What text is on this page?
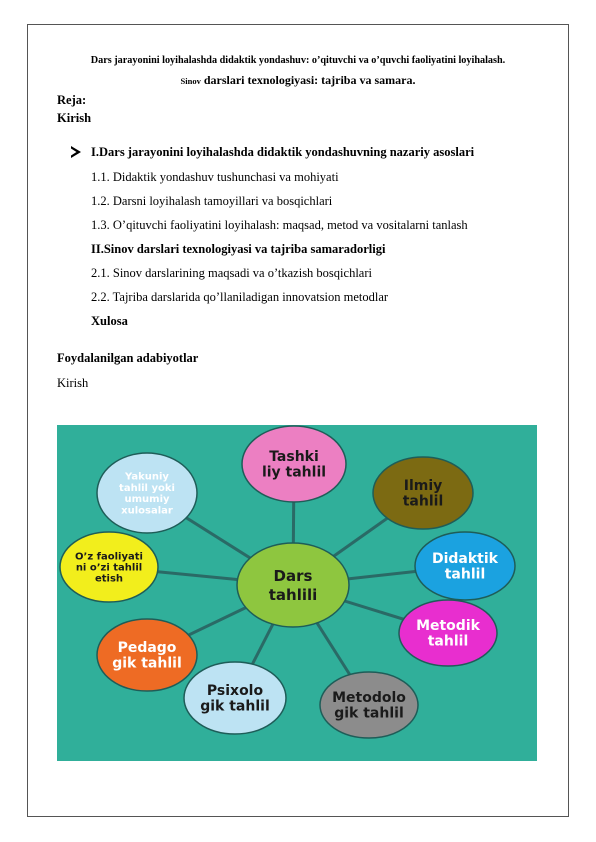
Dars jarayonini loyihalashda didaktik yondashuv: o’qituvchi va o’quvchi faoliyatini loyihalash.
Sinov darslari texnologiyasi: tajriba va samara.
Reja:
Kirish
I.Dars jarayonini loyihalashda didaktik yondashuvning nazariy asoslari
1.1. Didaktik yondashuv tushunchasi va mohiyati
1.2. Darsni loyihalash tamoyillari va bosqichlari
1.3. O’qituvchi faoliyatini loyihalash: maqsad, metod va vositalarni tanlash
II.Sinov darslari texnologiyasi va tajriba samaradorligi
2.1. Sinov darslarining maqsadi va o’tkazish bosqichlari
2.2. Tajriba darslarida qo’llaniladigan innovatsion metodlar
Xulosa
Foydalanilgan adabiyotlar
Kirish
Tashki
liy tahlil
Ilmiy
tahlil
Didaktik
tahlil
Metodik
tahlil
Metodolo
gik tahlil
Psixolo
gik tahlil
Pedago
gik tahlil
O’z faoliyati
ni o’zi tahlil
etish
Yakuniy
tahlil yoki
umumiy
xulosalar
Dars
tahlili
